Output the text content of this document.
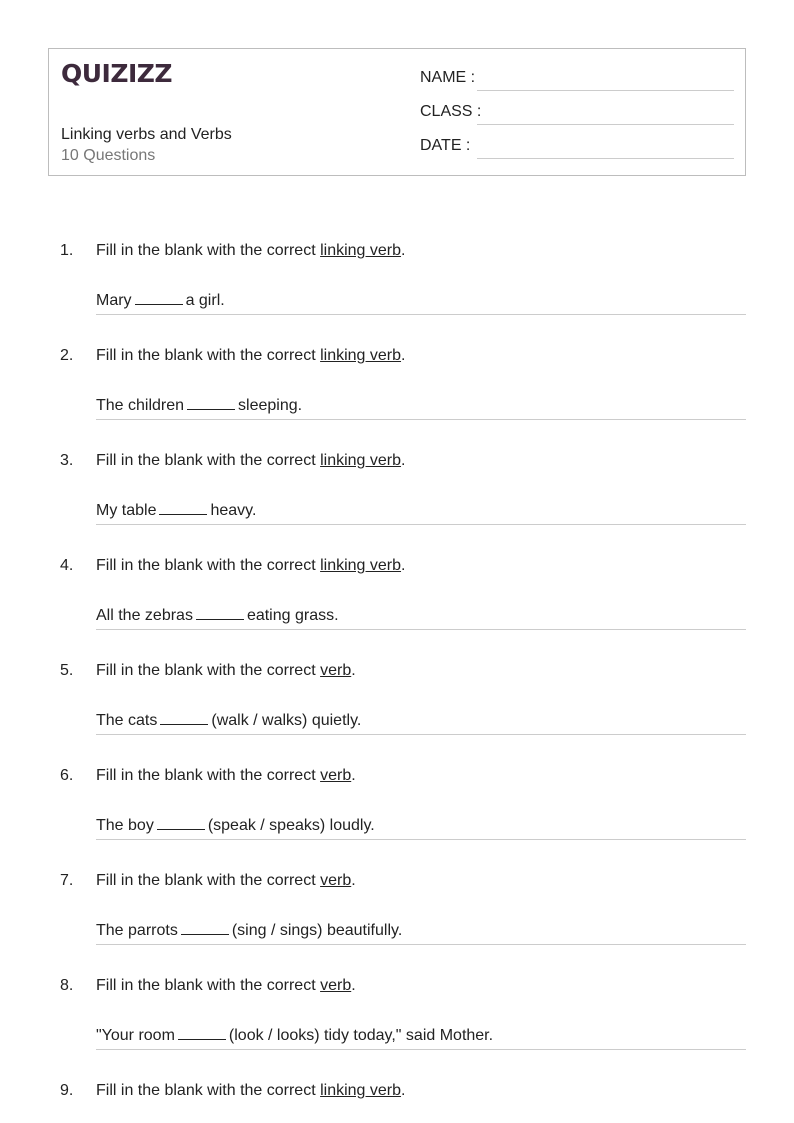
QUIZIZZ
Linking verbs and Verbs
10 Questions
NAME :
CLASS :
DATE :
1. Fill in the blank with the correct linking verb.
Mary	a girl.
2. Fill in the blank with the correct linking verb.
The children	sleeping.
3. Fill in the blank with the correct linking verb.
My table	heavy.
4. Fill in the blank with the correct linking verb.
All the zebras	eating grass.
5. Fill in the blank with the correct verb.
The cats	(walk / walks) quietly.
6. Fill in the blank with the correct verb.
The boy	(speak / speaks) loudly.
7. Fill in the blank with the correct verb.
The parrots	(sing / sings) beautifully.
8. Fill in the blank with the correct verb.
"Your room	(look / looks) tidy today," said Mother.
9. Fill in the blank with the correct linking verb.
